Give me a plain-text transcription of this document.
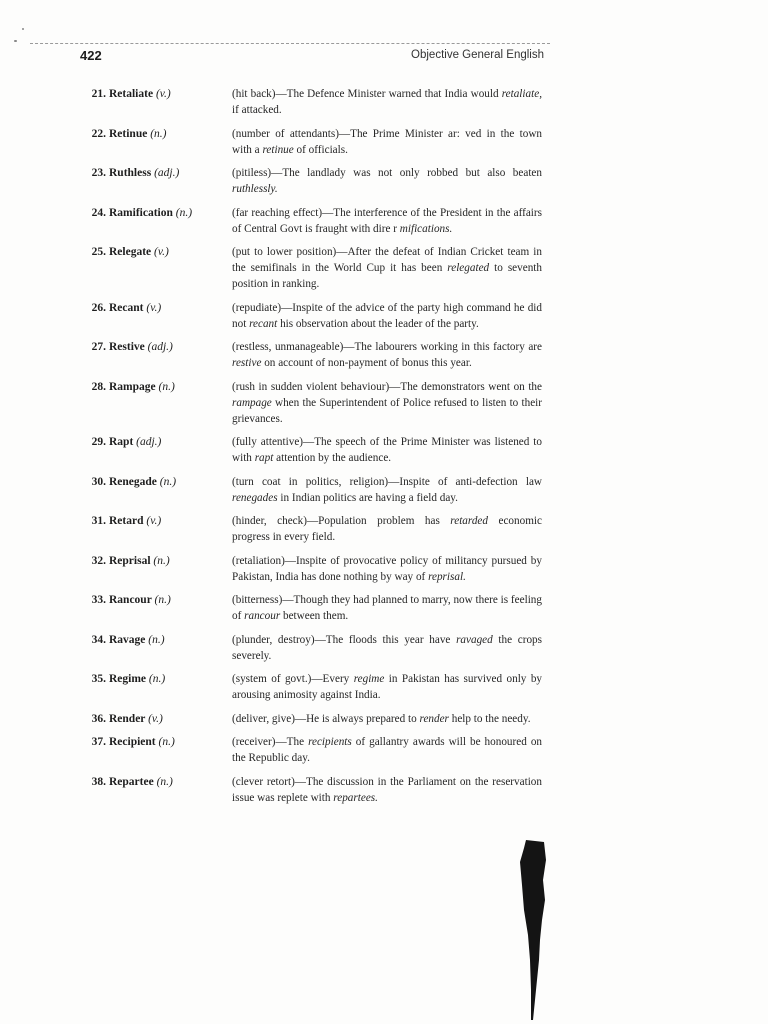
422	Objective General English
21. Retaliate (v.)	(hit back)—The Defence Minister warned that India would retaliate, if attacked.
22. Retinue (n.)	(number of attendants)—The Prime Minister ar: ved in the town with a retinue of officials.
23. Ruthless (adj.)	(pitiless)—The landlady was not only robbed but also beaten ruthlessly.
24. Ramification (n.)	(far reaching effect)—The interference of the President in the affairs of Central Govt is fraught with dire r mifications.
25. Relegate (v.)	(put to lower position)—After the defeat of Indian Cricket team in the semifinals in the World Cup it has been relegated to seventh position in ranking.
26. Recant (v.)	(repudiate)—Inspite of the advice of the party high command he did not recant his observation about the leader of the party.
27. Restive (adj.)	(restless, unmanageable)—The labourers working in this factory are restive on account of non-payment of bonus this year.
28. Rampage (n.)	(rush in sudden violent behaviour)—The demonstrators went on the rampage when the Superintendent of Police refused to listen to their grievances.
29. Rapt (adj.)	(fully attentive)—The speech of the Prime Minister was listened to with rapt attention by the audience.
30. Renegade (n.)	(turn coat in politics, religion)—Inspite of anti-defection law renegades in Indian politics are having a field day.
31. Retard (v.)	(hinder, check)—Population problem has retarded economic progress in every field.
32. Reprisal (n.)	(retaliation)—Inspite of provocative policy of militancy pursued by Pakistan, India has done nothing by way of reprisal.
33. Rancour (n.)	(bitterness)—Though they had planned to marry, now there is feeling of rancour between them.
34. Ravage (n.)	(plunder, destroy)—The floods this year have ravaged the crops severely.
35. Regime (n.)	(system of govt.)—Every regime in Pakistan has survived only by arousing animosity against India.
36. Render (v.)	(deliver, give)—He is always prepared to render help to the needy.
37. Recipient (n.)	(receiver)—The recipients of gallantry awards will be honoured on the Republic day.
38. Repartee (n.)	(clever retort)—The discussion in the Parliament on the reservation issue was replete with repartees.
